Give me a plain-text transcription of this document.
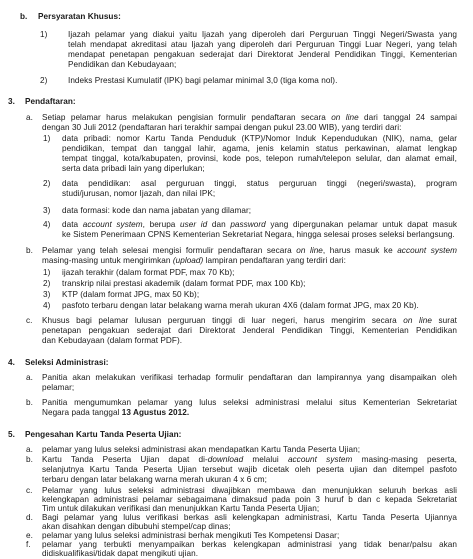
b. Persyaratan Khusus:
1)	Ijazah pelamar yang diakui yaitu Ijazah yang diperoleh dari Perguruan Tinggi Negeri/Swasta yang
telah mendapat akreditasi atau Ijazah yang diperoleh dari Perguruan Tinggi Luar Negeri, yang telah
mendapat penetapan pengakuan sederajat dari Direktorat Jenderal Pendidikan Tinggi, Kementerian
Pendidikan dan Kebudayaan;
2)	Indeks Prestasi Kumulatif (IPK) bagi pelamar minimal 3,0 (tiga koma nol).
3. Pendaftaran:
a. Setiap pelamar harus melakukan pengisian formulir pendaftaran secara on line dari tanggal 24 sampai
dengan 30 Juli 2012 (pendaftaran hari terakhir sampai dengan pukul 23.00 WIB), yang terdiri dari:
1) data pribadi: nomor Kartu Tanda Penduduk (KTP)/Nomor Induk Kependudukan (NIK), nama, gelar
pendidikan, tempat dan tanggal lahir, agama, jenis kelamin status perkawinan, alamat lengkap
tempat tinggal, kota/kabupaten, provinsi, kode pos, telepon rumah/telepon selular, dan alamat email,
serta data pribadi lain yang diperlukan;
2) data pendidikan: asal perguruan tinggi, status perguruan tinggi (negeri/swasta), program
studi/jurusan, nomor Ijazah, dan nilai IPK;
3) data formasi: kode dan nama jabatan yang dilamar;
4) data account system, berupa user id dan password yang dipergunakan pelamar untuk dapat masuk
ke Sistem Penerimaan CPNS Kementerian Sekretariat Negara, hingga selesai proses seleksi berlangsung.
b. Pelamar yang telah selesai mengisi formulir pendaftaran secara on line, harus masuk ke account system
masing-masing untuk mengirimkan (upload) lampiran pendaftaran yang terdiri dari:
1) ijazah terakhir (dalam format PDF, max 70 Kb);
2) transkrip nilai prestasi akademik (dalam format PDF, max 100 Kb);
3) KTP (dalam format JPG, max 50 Kb);
4) pasfoto terbaru dengan latar belakang warna merah ukuran 4X6 (dalam format JPG, max 20 Kb).
c. Khusus bagi pelamar lulusan perguruan tinggi di luar negeri, harus mengirim secara on line surat
penetapan pengakuan sederajat dari Direktorat Jenderal Pendidikan Tinggi, Kementerian Pendidikan
dan Kebudayaan (dalam format PDF).
4. Seleksi Administrasi:
a. Panitia akan melakukan verifikasi terhadap formulir pendaftaran dan lampirannya yang disampaikan oleh
pelamar;
b. Panitia mengumumkan pelamar yang lulus seleksi administrasi melalui situs Kementerian Sekretariat
Negara pada tanggal 13 Agustus 2012.
5. Pengesahan Kartu Tanda Peserta Ujian:
a. pelamar yang lulus seleksi administrasi akan mendapatkan Kartu Tanda Peserta Ujian;
b. Kartu Tanda Peserta Ujian dapat di-download melalui account system masing-masing peserta,
selanjutnya Kartu Tanda Peserta Ujian tersebut wajib dicetak oleh peserta ujian dan ditempel pasfoto
terbaru dengan latar belakang warna merah ukuran 4 x 6 cm;
c. Pelamar yang lulus seleksi administrasi diwajibkan membawa dan menunjukkan seluruh berkas asli
kelengkapan administrasi pelamar sebagaimana dimaksud pada poin 3 huruf b dan c kepada Sekretariat
Tim untuk dilakukan verifikasi dan menunjukkan Kartu Tanda Peserta Ujian;
d. Bagi pelamar yang lulus verifikasi berkas asli kelengkapan administrasi, Kartu Tanda Peserta Ujiannya
akan disahkan dengan dibubuhi stempel/cap dinas;
e. pelamar yang lulus seleksi administrasi berhak mengikuti Tes Kompetensi Dasar;
f. pelamar yang terbukti menyampaikan berkas kelengkapan administrasi yang tidak benar/palsu akan
didiskualifikasi/tidak dapat mengikuti ujian.
